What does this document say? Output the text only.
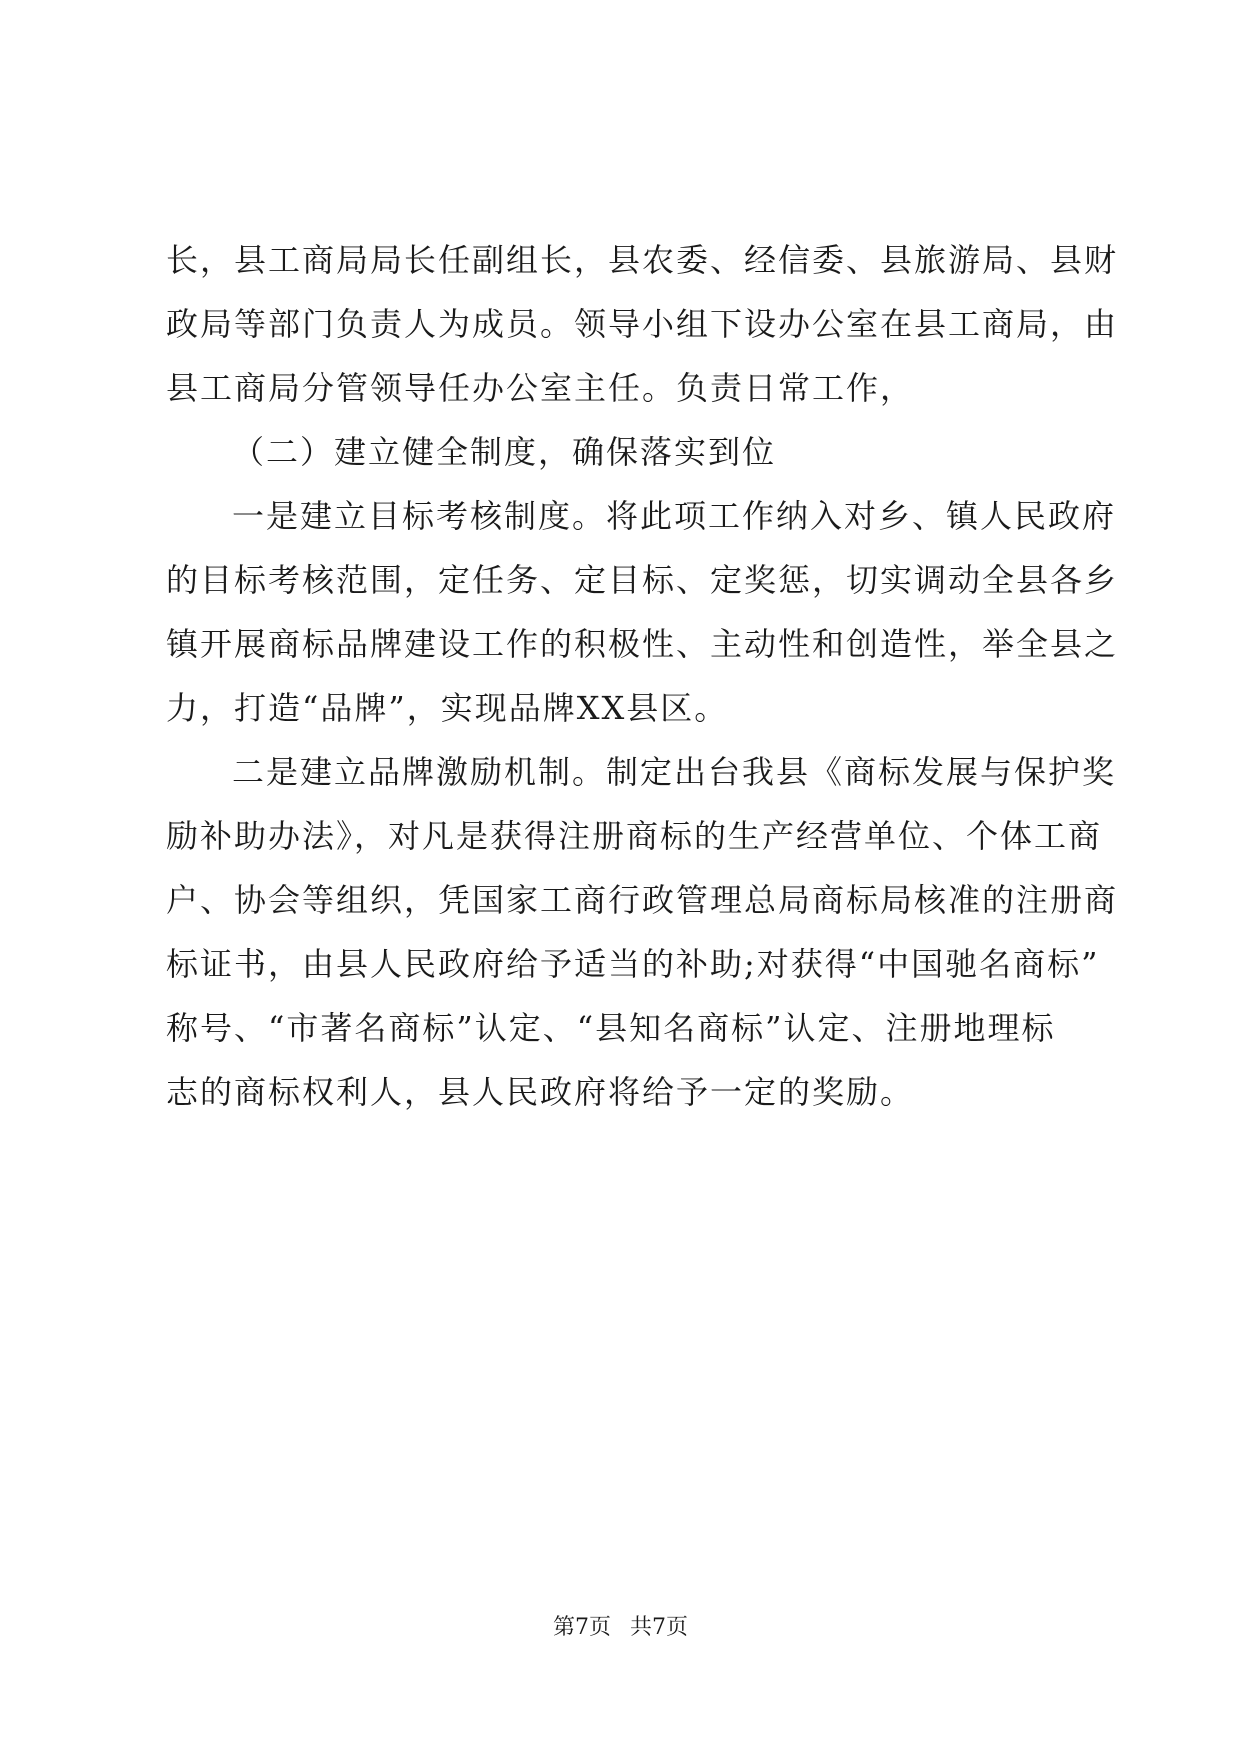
长，县工商局局长任副组长，县农委、经信委、县旅游局、县财
政局等部门负责人为成员。领导小组下设办公室在县工商局，由
县工商局分管领导任办公室主任。负责日常工作，
（二）建立健全制度，确保落实到位
一是建立目标考核制度。将此项工作纳入对乡、镇人民政府
的目标考核范围，定任务、定目标、定奖惩，切实调动全县各乡
镇开展商标品牌建设工作的积极性、主动性和创造性，举全县之
力，打造“品牌”，实现品牌XX县区。
二是建立品牌激励机制。制定出台我县《商标发展与保护奖
励补助办法》，对凡是获得注册商标的生产经营单位、个体工商
户、协会等组织，凭国家工商行政管理总局商标局核准的注册商
标证书，由县人民政府给予适当的补助;对获得“中国驰名商标”
称号、“市著名商标”认定、“县知名商标”认定、注册地理标
志的商标权利人，县人民政府将给予一定的奖励。
第7页 共7页
